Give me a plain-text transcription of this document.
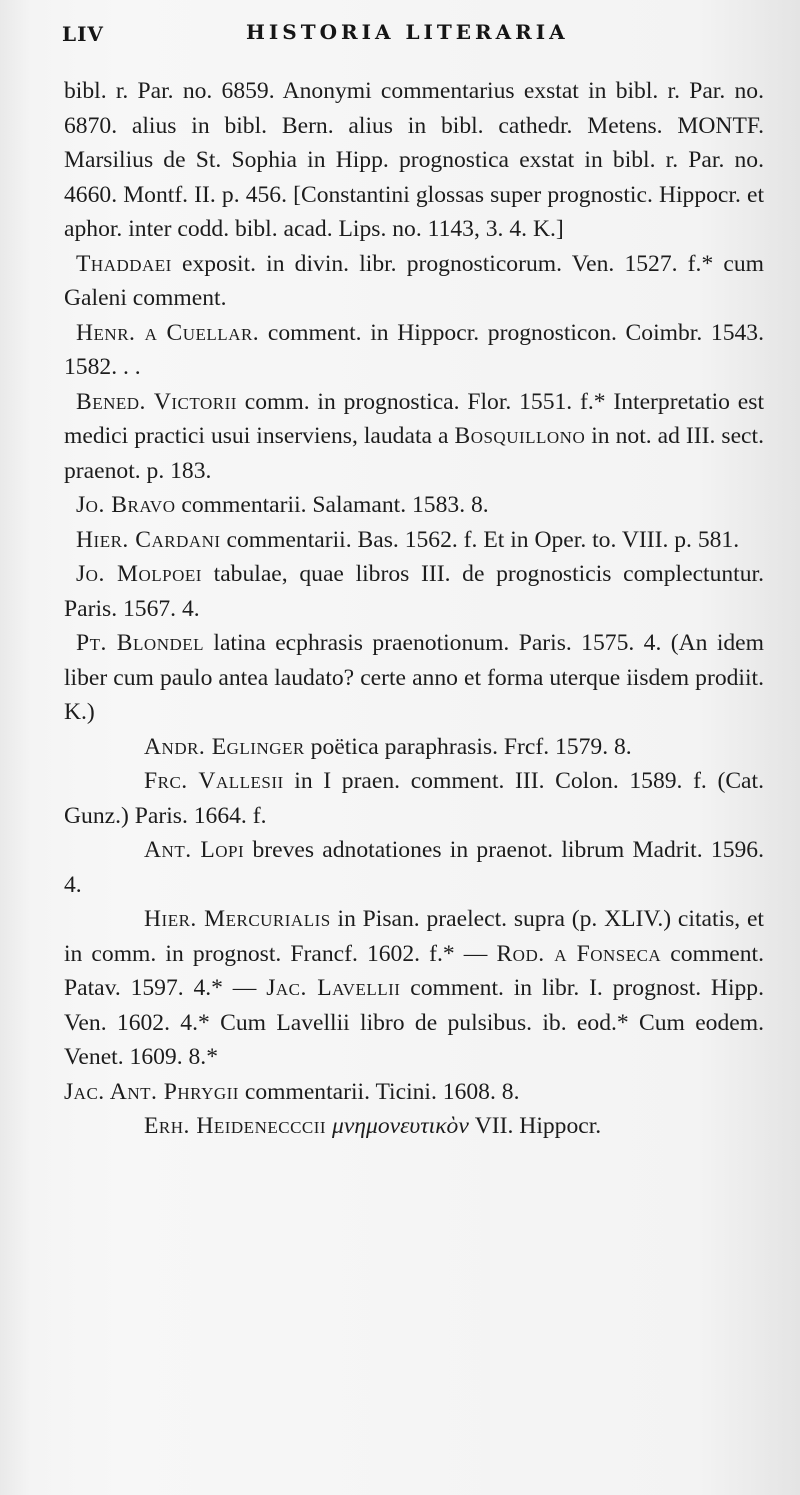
LIV	HISTORIA LITERARIA

bibl. r. Par. no. 6859. Anonymi commentarius exstat in bibl. r. Par. no. 6870. alius in bibl. Bern. alius in bibl. cathedr. Metens. MONTF. Marsilius de St. Sophia in Hipp. prognostica exstat in bibl. r. Par. no. 4660. Montf. II. p. 456. [Constantini glossas super prognostic. Hippocr. et aphor. inter codd. bibl. acad. Lips. no. 1143, 3. 4. K.]

Thaddaei exposit. in divin. libr. prognosticorum. Ven. 1527. f.* cum Galeni comment.

Henr. a Cuellar. comment. in Hippocr. prognosticon. Coimbr. 1543. 1582. . .

Bened. Victorii comm. in prognostica. Flor. 1551. f.* Interpretatio est medici practici usui inserviens, laudata a Bosquillono in not. ad III. sect. praenot. p. 183.

Jo. Bravo commentarii. Salamant. 1583. 8.

Hier. Cardani commentarii. Bas. 1562. f. Et in Oper. to. VIII. p. 581.

Jo. Molpoei tabulae, quae libros III. de prognosticis complectuntur. Paris. 1567. 4.

Pt. Blondel latina ecphrasis praenotionum. Paris. 1575. 4. (An idem liber cum paulo antea laudato? certe anno et forma uterque iisdem prodiit. K.)

Andr. Eglinger poëtica paraphrasis. Frcf. 1579. 8.

Frc. Vallesii in I praen. comment. III. Colon. 1589. f. (Cat. Gunz.) Paris. 1664. f.

Ant. Lopi breves adnotationes in praenot. librum Madrit. 1596. 4.

Hier. Mercurialis in Pisan. praelect. supra (p. XLIV.) citatis, et in comm. in prognost. Francf. 1602. f.* — Rod. a Fonseca comment. Patav. 1597. 4.* — Jac. Lavellii comment. in libr. I. prognost. Hipp. Ven. 1602. 4.* Cum Lavellii libro de pulsibus. ib. eod.* Cum eodem. Venet. 1609. 8.*

Jac. Ant. Phrygii commentarii. Ticini. 1608. 8.

Erh. Heidenecccii μνημονευτικὸν VII. Hippocr.
